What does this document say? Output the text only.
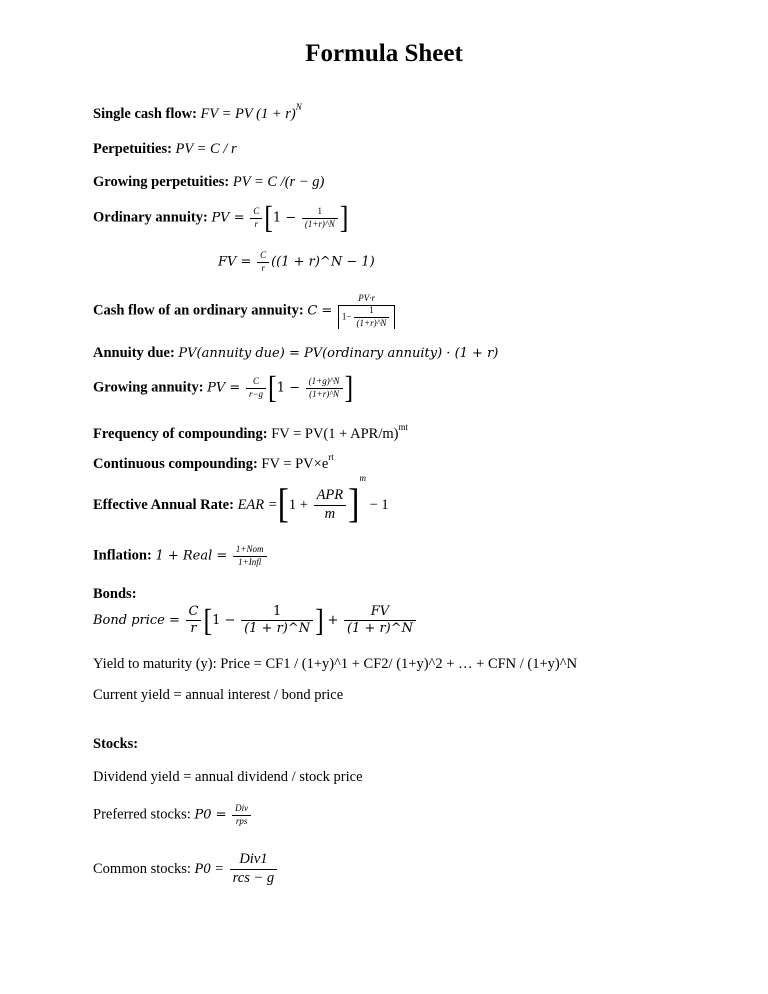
Formula Sheet
Single cash flow: FV = PV $(1 + r)^N$
Perpetuities: PV = C / r
Growing perpetuities: PV = C /(r − g)
Ordinary annuity: PV = $\frac{C}{r} [1 - \frac{1}{(1+r)\^{}N}$ ]
FV = $\frac{C}{r} ((1$ + r)^N − 1)
Cash flow of an ordinary annuity: $C = \frac{PV\cdot r}{1- \frac{1}{(1+r)\^{}N}}$
Annuity due: PV(annuity due) = PV(ordinary annuity) · (1 + r)
Growing annuity: PV = $\frac{C}{r-g} [1 - \frac{(1+g)\^{}N}{(1+r)\^{}N}$ ]
Frequency of compounding: FV = PV(1 + APR/$m)^{mt}$
Continuous compounding: FV = $PV\times e^{rt}$
Effective Annual Rate: EAR $=[1 + \frac{\text{APR}}{m} ]^m - 1$
Inflation: 1 + Real = $\frac{\text{1+Nom}}{\text{1+Infl}}$
Bonds:
Bond price = $\frac{C}{r} [1 - \frac{1}{(1 + r)\^{}N}$ ] + $\frac{FV}{(1 + r)\^{}N}$
Yield to maturity (y): Price = CF1 / (1+y)^1 + CF2/ (1+y)^2 + … + CFN / (1+y)^N
Current yield = annual interest / bond price
Stocks:
Dividend yield = annual dividend / stock price
Preferred stocks: $P0 = \frac{\text{Div}}{\text{rps}}$
Common stocks: $P0 = \frac{\text{Div1}}{\text{rcs − g}}$
